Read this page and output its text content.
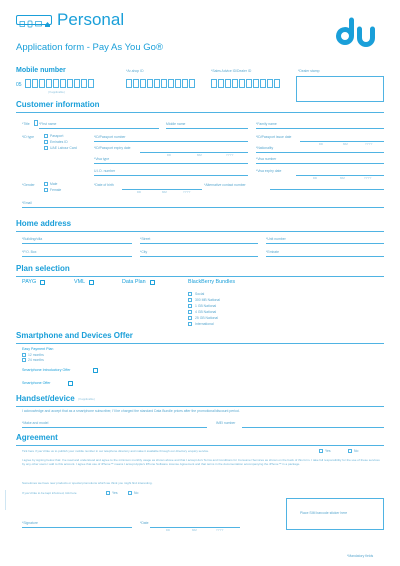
Personal
Application form - Pay As You Go®
Mobile number
05
(If applicable)
*Ar-shop ID	*Sales Advice ID/Dealer ID	*Dealer stamp
Customer information
*Title	*First name	Middle name	*Family name
*ID type	Passport
Emirates ID
UAE Labour Card
*ID/Passport number	*ID/Passport issue date
DD	MM	YYYY
*ID/Passport expiry date
DD	MM	YYYY
*Nationality
*Visa type	*Visa number
U.I.D. number	*Visa expiry date
DD	MM	YYYY
*Gender	Male
Female
*Date of birth
DD	MM	YYYY
*Alternative contact number
*Email
Home address
*Building/villa	*Street	*Unit number
*P.O. Box	*City	*Emirate
Plan selection
PAYG	VML	Data Plan	BlackBerry Bundles
Social
300 MB National
1 GB National
4 GB National
25 GB National
International
Smartphone and Devices Offer
Easy Payment Plan
12 months
24 months
Smartphone Introductory Offer
Smartphone Offer
Handset/device (If applicable)
I acknowledge and accept that as a smartphone subscriber, I’ll be charged the standard Data Bundle prices after the promotional/discount period.
*Make and model	IMEI number
Agreement
Tick here if you’d like us to publish your mobile number in our telephone directory and make it available through our directory enquiry service.	Yes	No
I agree by signing below that: I’ve read and understood and agree to the minimum monthly usage as shown above and that I accept du’s Terms and Conditions for Consumer Services as shown on the back of this form. I take full responsibility for the use of these services by any other users I add to this account. I agree that use of iPhone™ means I accept Apple’s iPhone Software License Agreement and that terms in the documentation accompanying the iPhone™ in a package.
Sometimes we have new products or special promotions which we think you might find interesting.
If you’d like to be kept informed, tick here	Yes	No
Place SIM barcode sticker here
*Signature	*Date
DD	MM	YYYY
*Mandatory fields
